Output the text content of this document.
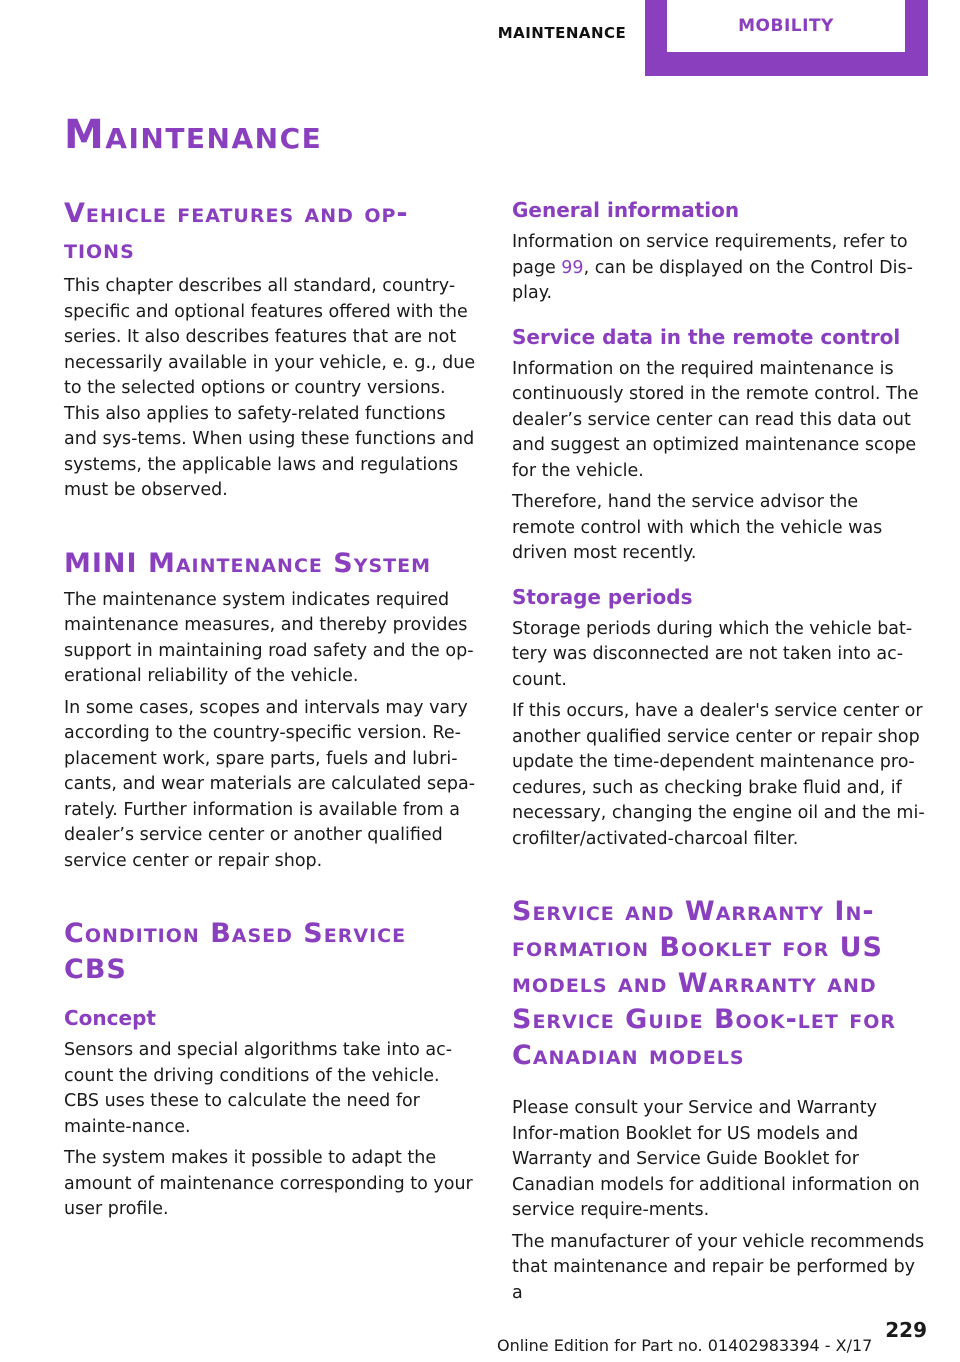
MAINTENANCE	MOBILITY
Maintenance
Vehicle features and op‐ tions

This chapter describes all standard, country-specific and optional features offered with the series. It also describes features that are not necessarily available in your vehicle, e. g., due to the selected options or country versions. This also applies to safety-related functions and sys‐tems. When using these functions and systems, the applicable laws and regulations must be observed.

MINI Maintenance System

The maintenance system indicates required maintenance measures, and thereby provides support in maintaining road safety and the op‐erational reliability of the vehicle.

In some cases, scopes and intervals may vary according to the country-specific version. Re‐placement work, spare parts, fuels and lubri‐cants, and wear materials are calculated sepa‐rately. Further information is available from a dealer’s service center or another qualified service center or repair shop.

Condition Based Service CBS
Concept

Sensors and special algorithms take into ac‐count the driving conditions of the vehicle. CBS uses these to calculate the need for mainte‐nance.

The system makes it possible to adapt the amount of maintenance corresponding to your user profile.

General information

Information on service requirements, refer to page 99, can be displayed on the Control Dis‐play.

Service data in the remote control

Information on the required maintenance is continuously stored in the remote control. The dealer’s service center can read this data out and suggest an optimized maintenance scope for the vehicle.

Therefore, hand the service advisor the remote control with which the vehicle was driven most recently.

Storage periods

Storage periods during which the vehicle bat‐tery was disconnected are not taken into ac‐count.

If this occurs, have a dealer's service center or another qualified service center or repair shop update the time-dependent maintenance pro‐cedures, such as checking brake fluid and, if necessary, changing the engine oil and the mi‐crofilter/activated-charcoal filter.

Service and Warranty In‐formation Booklet for US models and Warranty and Service Guide Book‐let for Canadian models

Please consult your Service and Warranty Infor‐mation Booklet for US models and Warranty and Service Guide Booklet for Canadian models for additional information on service require‐ments.

The manufacturer of your vehicle recommends that maintenance and repair be performed by a

Online Edition for Part no. 01402983394 - X/17
229
